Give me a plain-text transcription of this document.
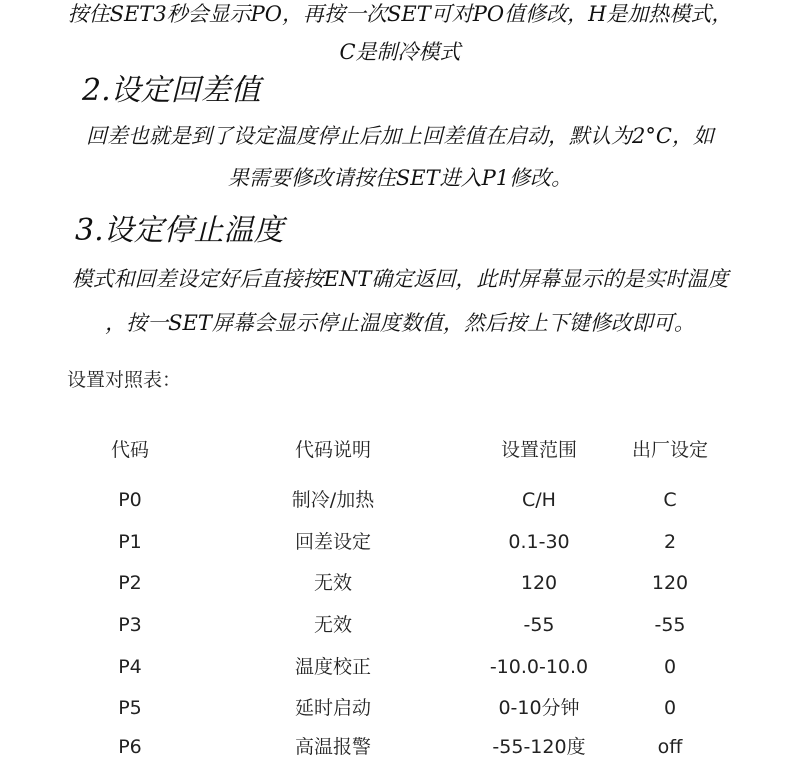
按住SET3秒会显示PO，再按一次SET可对PO值修改，H是加热模式，
C是制冷模式
2.设定回差值
回差也就是到了设定温度停止后加上回差值在启动，默认为2°C，如
果需要修改请按住SET进入P1修改。
3.设定停止温度
模式和回差设定好后直接按ENT确定返回，此时屏幕显示的是实时温度
，按一SET屏幕会显示停止温度数值，然后按上下键修改即可。
设置对照表：
代码	代码说明	设置范围	出厂设定
P0	制冷/加热	C/H	C
P1	回差设定	0.1-30	2
P2	无效	120	120
P3	无效	-55	-55
P4	温度校正	-10.0-10.0	0
P5	延时启动	0-10分钟	0
P6	高温报警	-55-120度	off
